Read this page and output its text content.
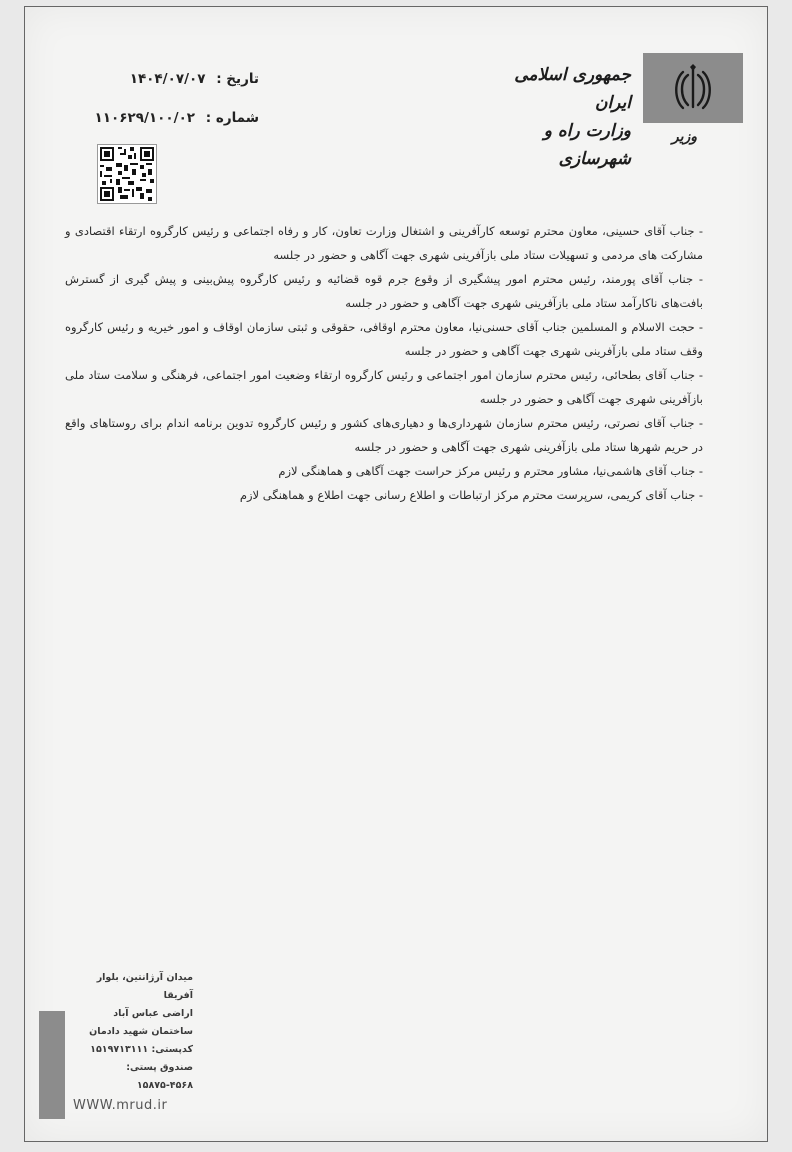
جمهوری اسلامی ایران
وزارت راه و شهرسازی
وزیر
تاریخ : ۱۴۰۴/۰۷/۰۷
شماره : ۱۱۰۶۲۹/۱۰۰/۰۲

- جناب آقای حسینی، معاون محترم توسعه کارآفرینی و اشتغال وزارت تعاون، کار و رفاه اجتماعی و رئیس کارگروه ارتقاء اقتصادی و مشارکت های مردمی و تسهیلات ستاد ملی بازآفرینی شهری جهت آگاهی و حضور در جلسه

- جناب آقای پورمند، رئیس محترم امور پیشگیری از وقوع جرم قوه قضائیه و رئیس کارگروه پیش‌بینی و پیش گیری از گسترش بافت‌های ناکارآمد ستاد ملی بازآفرینی شهری جهت آگاهی و حضور در جلسه

- حجت الاسلام و المسلمین جناب آقای حسنی‌نیا، معاون محترم اوقافی، حقوقی و ثبتی سازمان اوقاف و امور خیریه و رئیس کارگروه وقف ستاد ملی بازآفرینی شهری جهت آگاهی و حضور در جلسه

- جناب آقای بطحائی، رئیس محترم سازمان امور اجتماعی و رئیس کارگروه ارتقاء وضعیت امور اجتماعی، فرهنگی و سلامت ستاد ملی بازآفرینی شهری جهت آگاهی و حضور در جلسه

- جناب آقای نصرتی، رئیس محترم سازمان شهرداری‌ها و دهیاری‌های کشور و رئیس کارگروه تدوین برنامه اندام برای روستاهای واقع در حریم شهرها ستاد ملی بازآفرینی شهری جهت آگاهی و حضور در جلسه

- جناب آقای هاشمی‌نیا، مشاور محترم و رئیس مرکز حراست جهت آگاهی و هماهنگی لازم

- جناب آقای کریمی، سرپرست محترم مرکز ارتباطات و اطلاع رسانی جهت اطلاع و هماهنگی لازم

میدان آرژانتین، بلوار آفریقا
اراضی عباس آباد
ساختمان شهید دادمان
کدپستی: ۱۵۱۹۷۱۳۱۱۱
صندوق پستی: ۴۵۶۸-۱۵۸۷۵
WWW.mrud.ir
